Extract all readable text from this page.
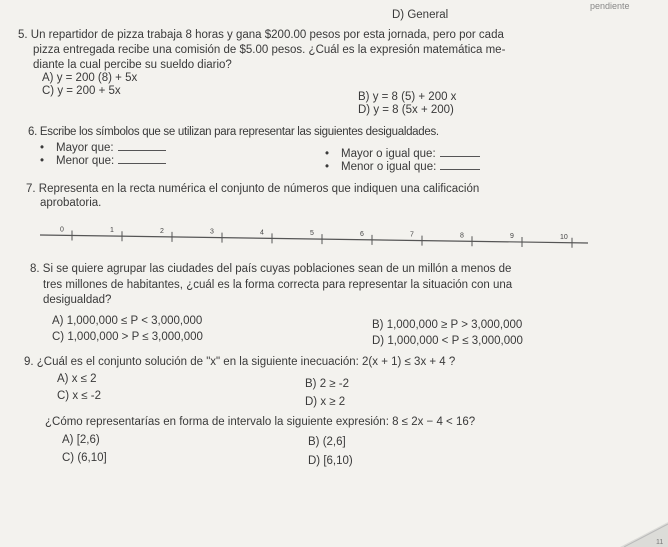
pendiente
D) General
5. Un repartidor de pizza trabaja 8 horas y gana $200.00 pesos por esta jornada, pero por cada
pizza entregada recibe una comisión de $5.00 pesos. ¿Cuál es la expresión matemática me-
diante la cual percibe su sueldo diario?
A) y = 200 (8) + 5x
C) y = 200 + 5x	B) y = 8 (5) + 200 x
D) y = 8 (5x + 200)
6. Escribe los símbolos que se utilizan para representar las siguientes desigualdades.
• Mayor que:
• Menor que:
• Mayor o igual que:
• Menor o igual que:
7. Representa en la recta numérica el conjunto de números que indiquen una calificación
aprobatoria.
0	1	2	3	4	5	6	7	8	9	10
8. Si se quiere agrupar las ciudades del país cuyas poblaciones sean de un millón a menos de
tres millones de habitantes, ¿cuál es la forma correcta para representar la situación con una
desigualdad?
A) 1,000,000 ≤ P < 3,000,000
C) 1,000,000 > P ≤ 3,000,000
B) 1,000,000 ≥ P > 3,000,000
D) 1,000,000 < P ≤ 3,000,000
9. ¿Cuál es el conjunto solución de "x" en la siguiente inecuación: 2(x + 1) ≤ 3x + 4 ?
A) x ≤ 2
C) x ≤ -2
B) 2 ≥ -2
D) x ≥ 2
¿Cómo representarías en forma de intervalo la siguiente expresión: 8 ≤ 2x − 4 < 16?
A) [2,6)
C) (6,10]
B) (2,6]
D) [6,10)
11
